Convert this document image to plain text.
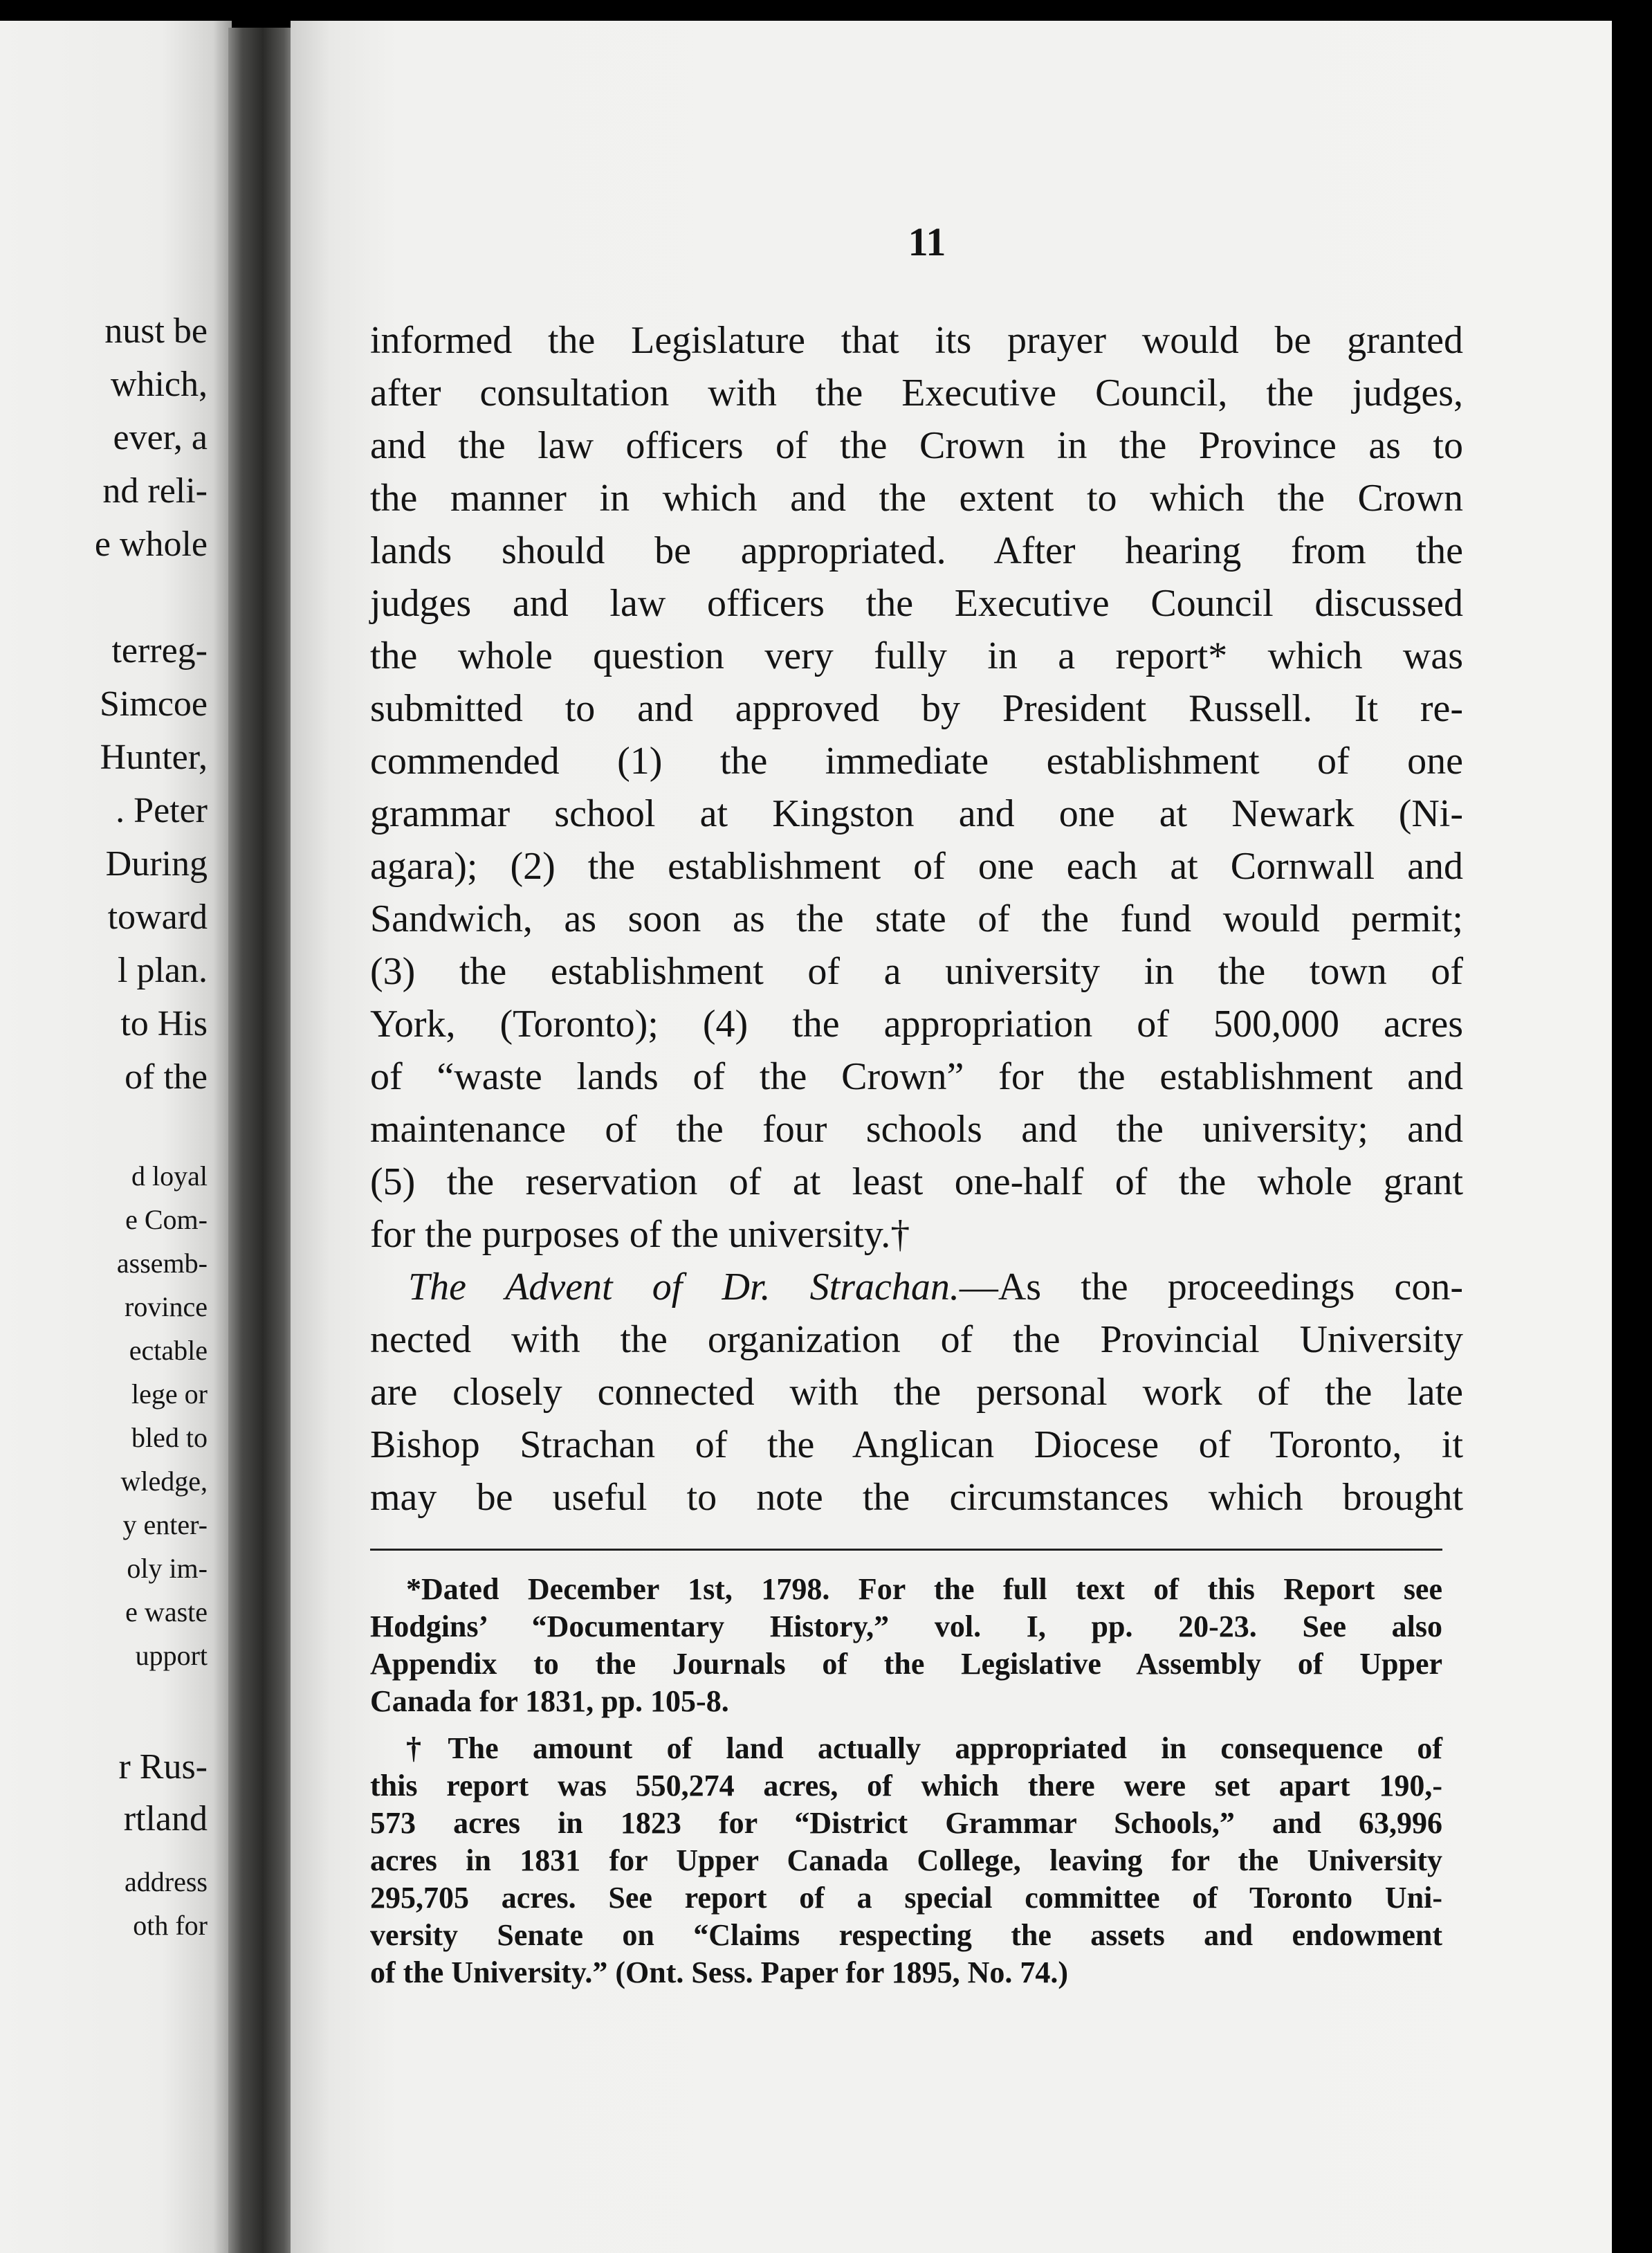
nust be
which,
ever, a
nd reli-
e whole
terreg-
Simcoe
Hunter,
. Peter
During
toward
l plan.
to His
of the
d loyal
e Com-
assemb-
rovince
ectable
lege or
bled to
wledge,
y enter-
oly im-
e waste
upport
r Rus-
rtland
address
oth for
11
informed the Legislature that its prayer would be granted
after consultation with the Executive Council, the judges,
and the law officers of the Crown in the Province as to
the manner in which and the extent to which the Crown
lands should be appropriated. After hearing from the
judges and law officers the Executive Council discussed
the whole question very fully in a report* which was
submitted to and approved by President Russell. It re-
commended (1) the immediate establishment of one
grammar school at Kingston and one at Newark (Ni-
agara); (2) the establishment of one each at Cornwall and
Sandwich, as soon as the state of the fund would permit;
(3) the establishment of a university in the town of
York, (Toronto); (4) the appropriation of 500,000 acres
of “waste lands of the Crown” for the establishment and
maintenance of the four schools and the university; and
(5) the reservation of at least one-half of the whole grant
for the purposes of the university.†
The Advent of Dr. Strachan.—As the proceedings con-
nected with the organization of the Provincial University
are closely connected with the personal work of the late
Bishop Strachan of the Anglican Diocese of Toronto, it
may be useful to note the circumstances which brought
*Dated December 1st, 1798. For the full text of this Report see
Hodgins’ “Documentary History,” vol. I, pp. 20-23. See also
Appendix to the Journals of the Legislative Assembly of Upper
Canada for 1831, pp. 105-8.
†The amount of land actually appropriated in consequence of
this report was 550,274 acres, of which there were set apart 190,-
573 acres in 1823 for “District Grammar Schools,” and 63,996
acres in 1831 for Upper Canada College, leaving for the University
295,705 acres. See report of a special committee of Toronto Uni-
versity Senate on “Claims respecting the assets and endowment
of the University.” (Ont. Sess. Paper for 1895, No. 74.)
